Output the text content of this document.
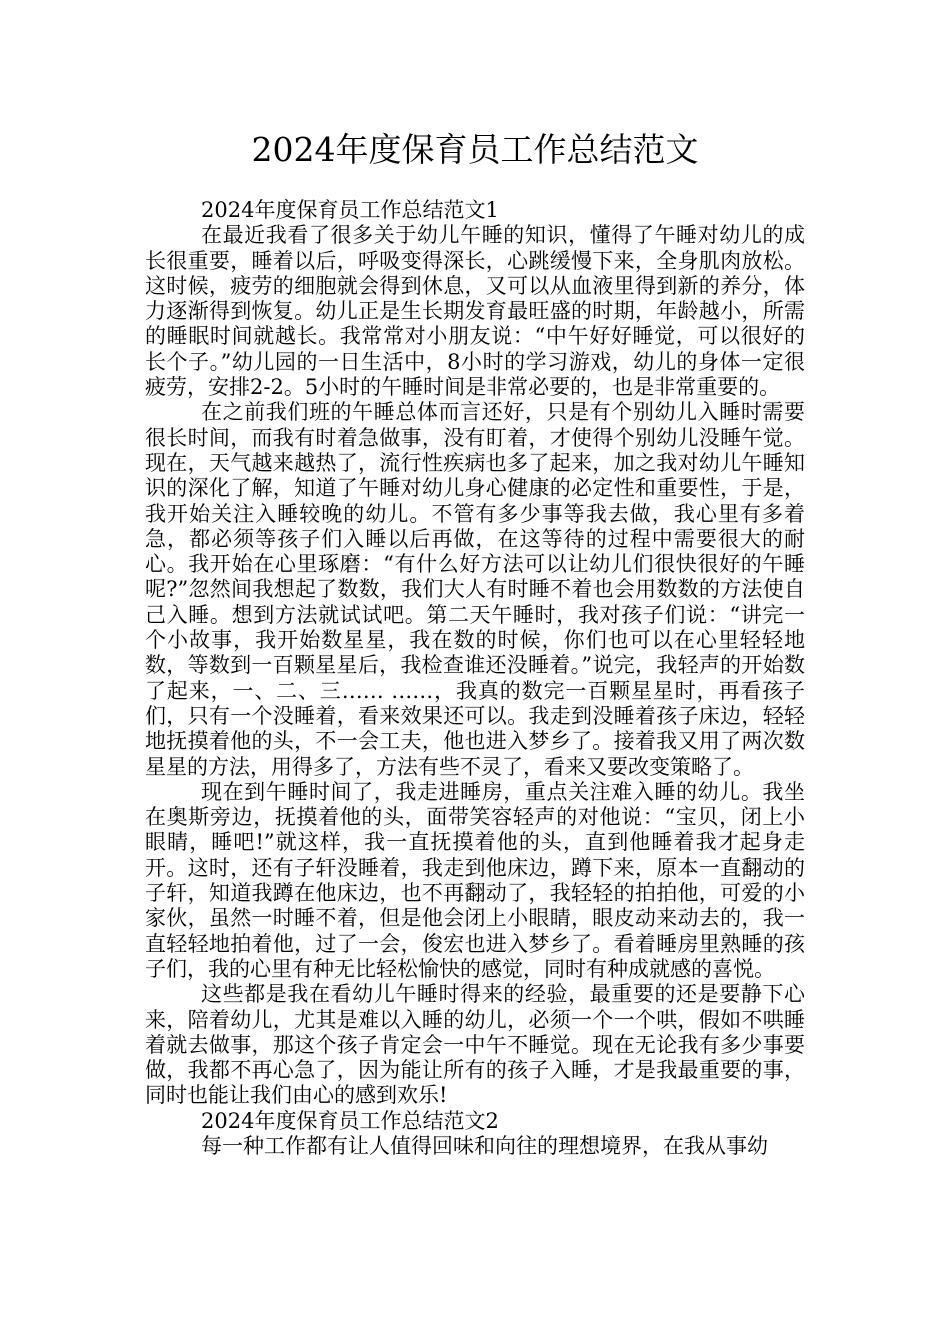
2024年度保育员工作总结范文

2024年度保育员工作总结范文1

在最近我看了很多关于幼儿午睡的知识，懂得了午睡对幼儿的成长很重要，睡着以后，呼吸变得深长，心跳缓慢下来，全身肌肉放松。这时候，疲劳的细胞就会得到休息，又可以从血液里得到新的养分，体力逐渐得到恢复。幼儿正是生长期发育最旺盛的时期，年龄越小，所需的睡眠时间就越长。我常常对小朋友说：“中午好好睡觉，可以很好的长个子。”幼儿园的一日生活中，8小时的学习游戏，幼儿的身体一定很疲劳，安排2-2。5小时的午睡时间是非常必要的，也是非常重要的。

在之前我们班的午睡总体而言还好，只是有个别幼儿入睡时需要很长时间，而我有时着急做事，没有盯着，才使得个别幼儿没睡午觉。现在，天气越来越热了，流行性疾病也多了起来，加之我对幼儿午睡知识的深化了解，知道了午睡对幼儿身心健康的必定性和重要性，于是，我开始关注入睡较晚的幼儿。不管有多少事等我去做，我心里有多着急，都必须等孩子们入睡以后再做，在这等待的过程中需要很大的耐心。我开始在心里琢磨：“有什么好方法可以让幼儿们很快很好的午睡呢?”忽然间我想起了数数，我们大人有时睡不着也会用数数的方法使自己入睡。想到方法就试试吧。第二天午睡时，我对孩子们说：“讲完一个小故事，我开始数星星，我在数的时候，你们也可以在心里轻轻地数，等数到一百颗星星后，我检查谁还没睡着。”说完，我轻声的开始数了起来，一、二、三…… ……，我真的数完一百颗星星时，再看孩子们，只有一个没睡着，看来效果还可以。我走到没睡着孩子床边，轻轻地抚摸着他的头，不一会工夫，他也进入梦乡了。接着我又用了两次数星星的方法，用得多了，方法有些不灵了，看来又要改变策略了。

现在到午睡时间了，我走进睡房，重点关注难入睡的幼儿。我坐在奥斯旁边，抚摸着他的头，面带笑容轻声的对他说：“宝贝，闭上小眼睛，睡吧!”就这样，我一直抚摸着他的头，直到他睡着我才起身走开。这时，还有子轩没睡着，我走到他床边，蹲下来，原本一直翻动的子轩，知道我蹲在他床边，也不再翻动了，我轻轻的拍拍他，可爱的小家伙，虽然一时睡不着，但是他会闭上小眼睛，眼皮动来动去的，我一直轻轻地拍着他，过了一会，俊宏也进入梦乡了。看着睡房里熟睡的孩子们，我的心里有种无比轻松愉快的感觉，同时有种成就感的喜悦。

这些都是我在看幼儿午睡时得来的经验，最重要的还是要静下心来，陪着幼儿，尤其是难以入睡的幼儿，必须一个一个哄，假如不哄睡着就去做事，那这个孩子肯定会一中午不睡觉。现在无论我有多少事要做，我都不再心急了，因为能让所有的孩子入睡，才是我最重要的事，同时也能让我们由心的感到欢乐!

2024年度保育员工作总结范文2

每一种工作都有让人值得回味和向往的理想境界，在我从事幼
